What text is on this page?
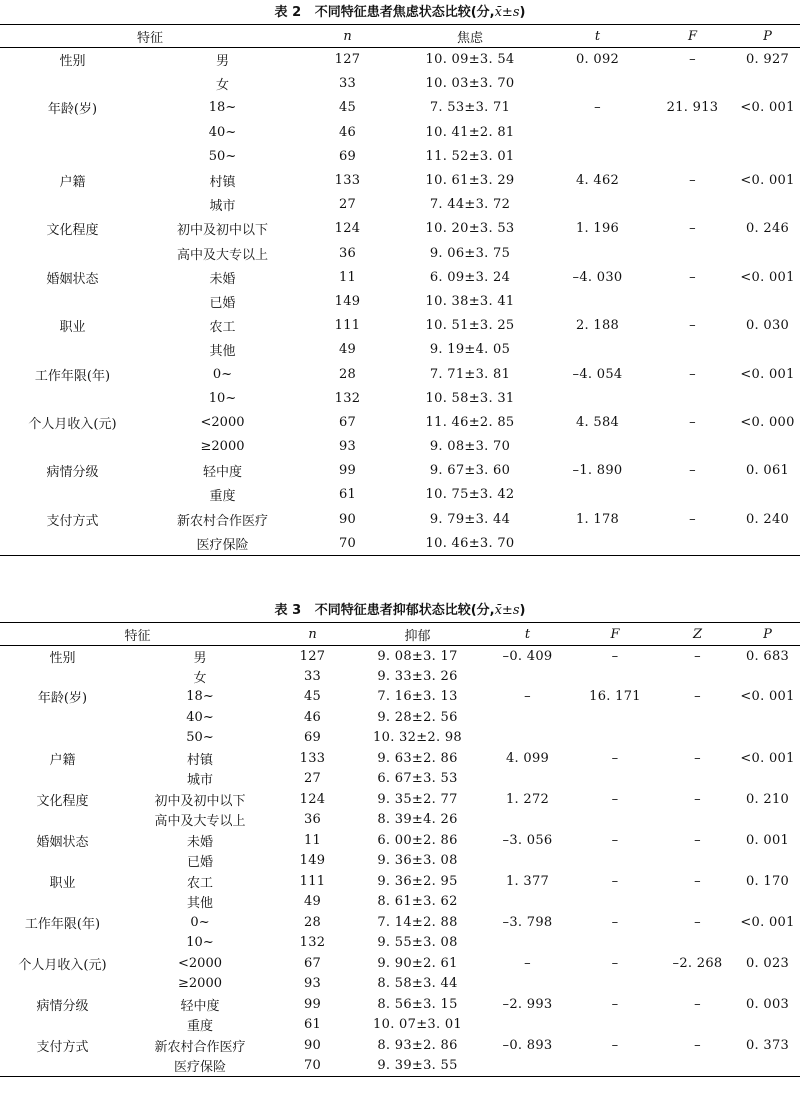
表 2 不同特征患者焦虑状态比较(分,x̄±s)
特征		n	焦虑	t	F	P
性别	男	127	10. 09±3. 54	0. 092	–	0. 927
	女	33	10. 03±3. 70			
年龄(岁)	18~	45	7. 53±3. 71	–	21. 913	<0. 001
	40~	46	10. 41±2. 81			
	50~	69	11. 52±3. 01			
户籍	村镇	133	10. 61±3. 29	4. 462	–	<0. 001
	城市	27	7. 44±3. 72			
文化程度	初中及初中以下	124	10. 20±3. 53	1. 196	–	0. 246
	高中及大专以上	36	9. 06±3. 75			
婚姻状态	未婚	11	6. 09±3. 24	–4. 030	–	<0. 001
	已婚	149	10. 38±3. 41			
职业	农工	111	10. 51±3. 25	2. 188	–	0. 030
	其他	49	9. 19±4. 05			
工作年限(年)	0~	28	7. 71±3. 81	–4. 054	–	<0. 001
	10~	132	10. 58±3. 31			
个人月收入(元)	<2000	67	11. 46±2. 85	4. 584	–	<0. 000
	≥2000	93	9. 08±3. 70			
病情分级	轻中度	99	9. 67±3. 60	–1. 890	–	0. 061
	重度	61	10. 75±3. 42			
支付方式	新农村合作医疗	90	9. 79±3. 44	1. 178	–	0. 240
	医疗保险	70	10. 46±3. 70			
表 3 不同特征患者抑郁状态比较(分,x̄±s)
特征		n	抑郁	t	F	Z	P
性别	男	127	9. 08±3. 17	–0. 409	–	–	0. 683
	女	33	9. 33±3. 26				
年龄(岁)	18~	45	7. 16±3. 13	–	16. 171	–	<0. 001
	40~	46	9. 28±2. 56				
	50~	69	10. 32±2. 98				
户籍	村镇	133	9. 63±2. 86	4. 099	–	–	<0. 001
	城市	27	6. 67±3. 53				
文化程度	初中及初中以下	124	9. 35±2. 77	1. 272	–	–	0. 210
	高中及大专以上	36	8. 39±4. 26				
婚姻状态	未婚	11	6. 00±2. 86	–3. 056	–	–	0. 001
	已婚	149	9. 36±3. 08				
职业	农工	111	9. 36±2. 95	1. 377	–	–	0. 170
	其他	49	8. 61±3. 62				
工作年限(年)	0~	28	7. 14±2. 88	–3. 798	–	–	<0. 001
	10~	132	9. 55±3. 08				
个人月收入(元)	<2000	67	9. 90±2. 61	–	–	–2. 268	0. 023
	≥2000	93	8. 58±3. 44				
病情分级	轻中度	99	8. 56±3. 15	–2. 993	–	–	0. 003
	重度	61	10. 07±3. 01				
支付方式	新农村合作医疗	90	8. 93±2. 86	–0. 893	–	–	0. 373
	医疗保险	70	9. 39±3. 55				
